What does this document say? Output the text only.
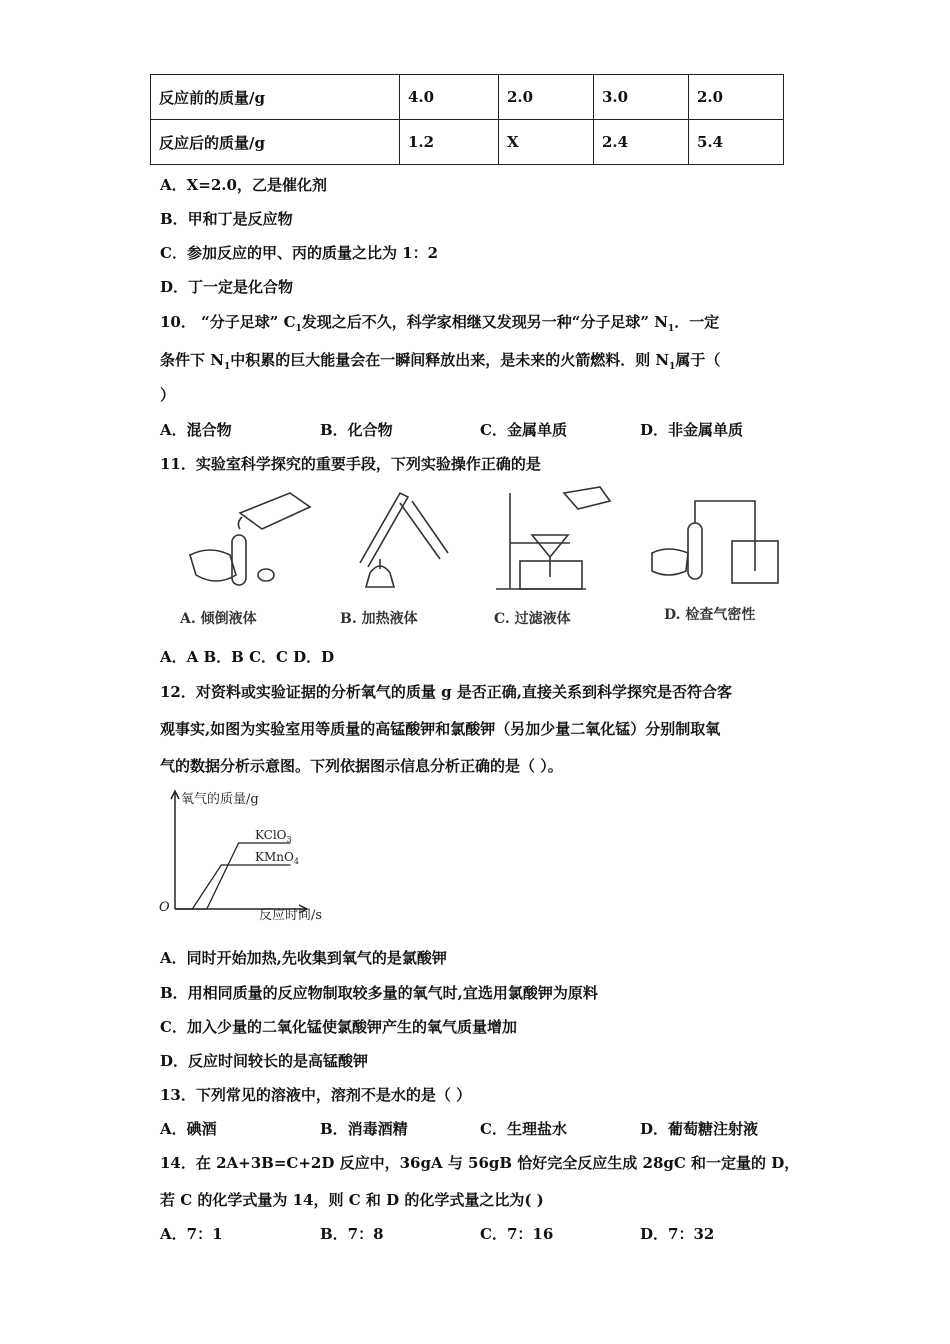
反应前的质量/g	4.0	2.0	3.0	2.0
反应后的质量/g	1.2	X	2.4	5.4
A．X=2.0，乙是催化剂
B．甲和丁是反应物
C．参加反应的甲、丙的质量之比为 1：2
D．丁一定是化合物
10． “分子足球” $C_1$发现之后不久，科学家相继又发现另一种“分子足球” $N_1$．一定
条件下 $N_1$中积累的巨大能量会在一瞬间释放出来，是未来的火箭燃料．则 $N_1$属于（
）
A．混合物	B．化合物	C．金属单质	D．非金属单质
11．实验室科学探究的重要手段，下列实验操作正确的是
A. 倾倒液体	B. 加热液体	C. 过滤液体	D. 检查气密性
A．A B．B C．C D．D
12．对资料或实验证据的分析氧气的质量 g 是否正确,直接关系到科学探究是否符合客
观事实,如图为实验室用等质量的高锰酸钾和氯酸钾（另加少量二氧化锰）分别制取氧
气的数据分析示意图。下列依据图示信息分析正确的是（ ）。
氧气的质量/g
反应时间/s
O
KClO$_3$
KMnO$_4$
A．同时开始加热,先收集到氧气的是氯酸钾
B．用相同质量的反应物制取较多量的氧气时,宜选用氯酸钾为原料
C．加入少量的二氧化锰使氯酸钾产生的氧气质量增加
D．反应时间较长的是高锰酸钾
13．下列常见的溶液中，溶剂不是水的是（ ）
A．碘酒	B．消毒酒精	C．生理盐水	D．葡萄糖注射液
14．在 2A+3B=C+2D 反应中，36gA 与 56gB 恰好完全反应生成 28gC 和一定量的 D，
若 C 的化学式量为 14，则 C 和 D 的化学式量之比为( )
A．7：1	B．7：8	C．7：16	D．7：32
